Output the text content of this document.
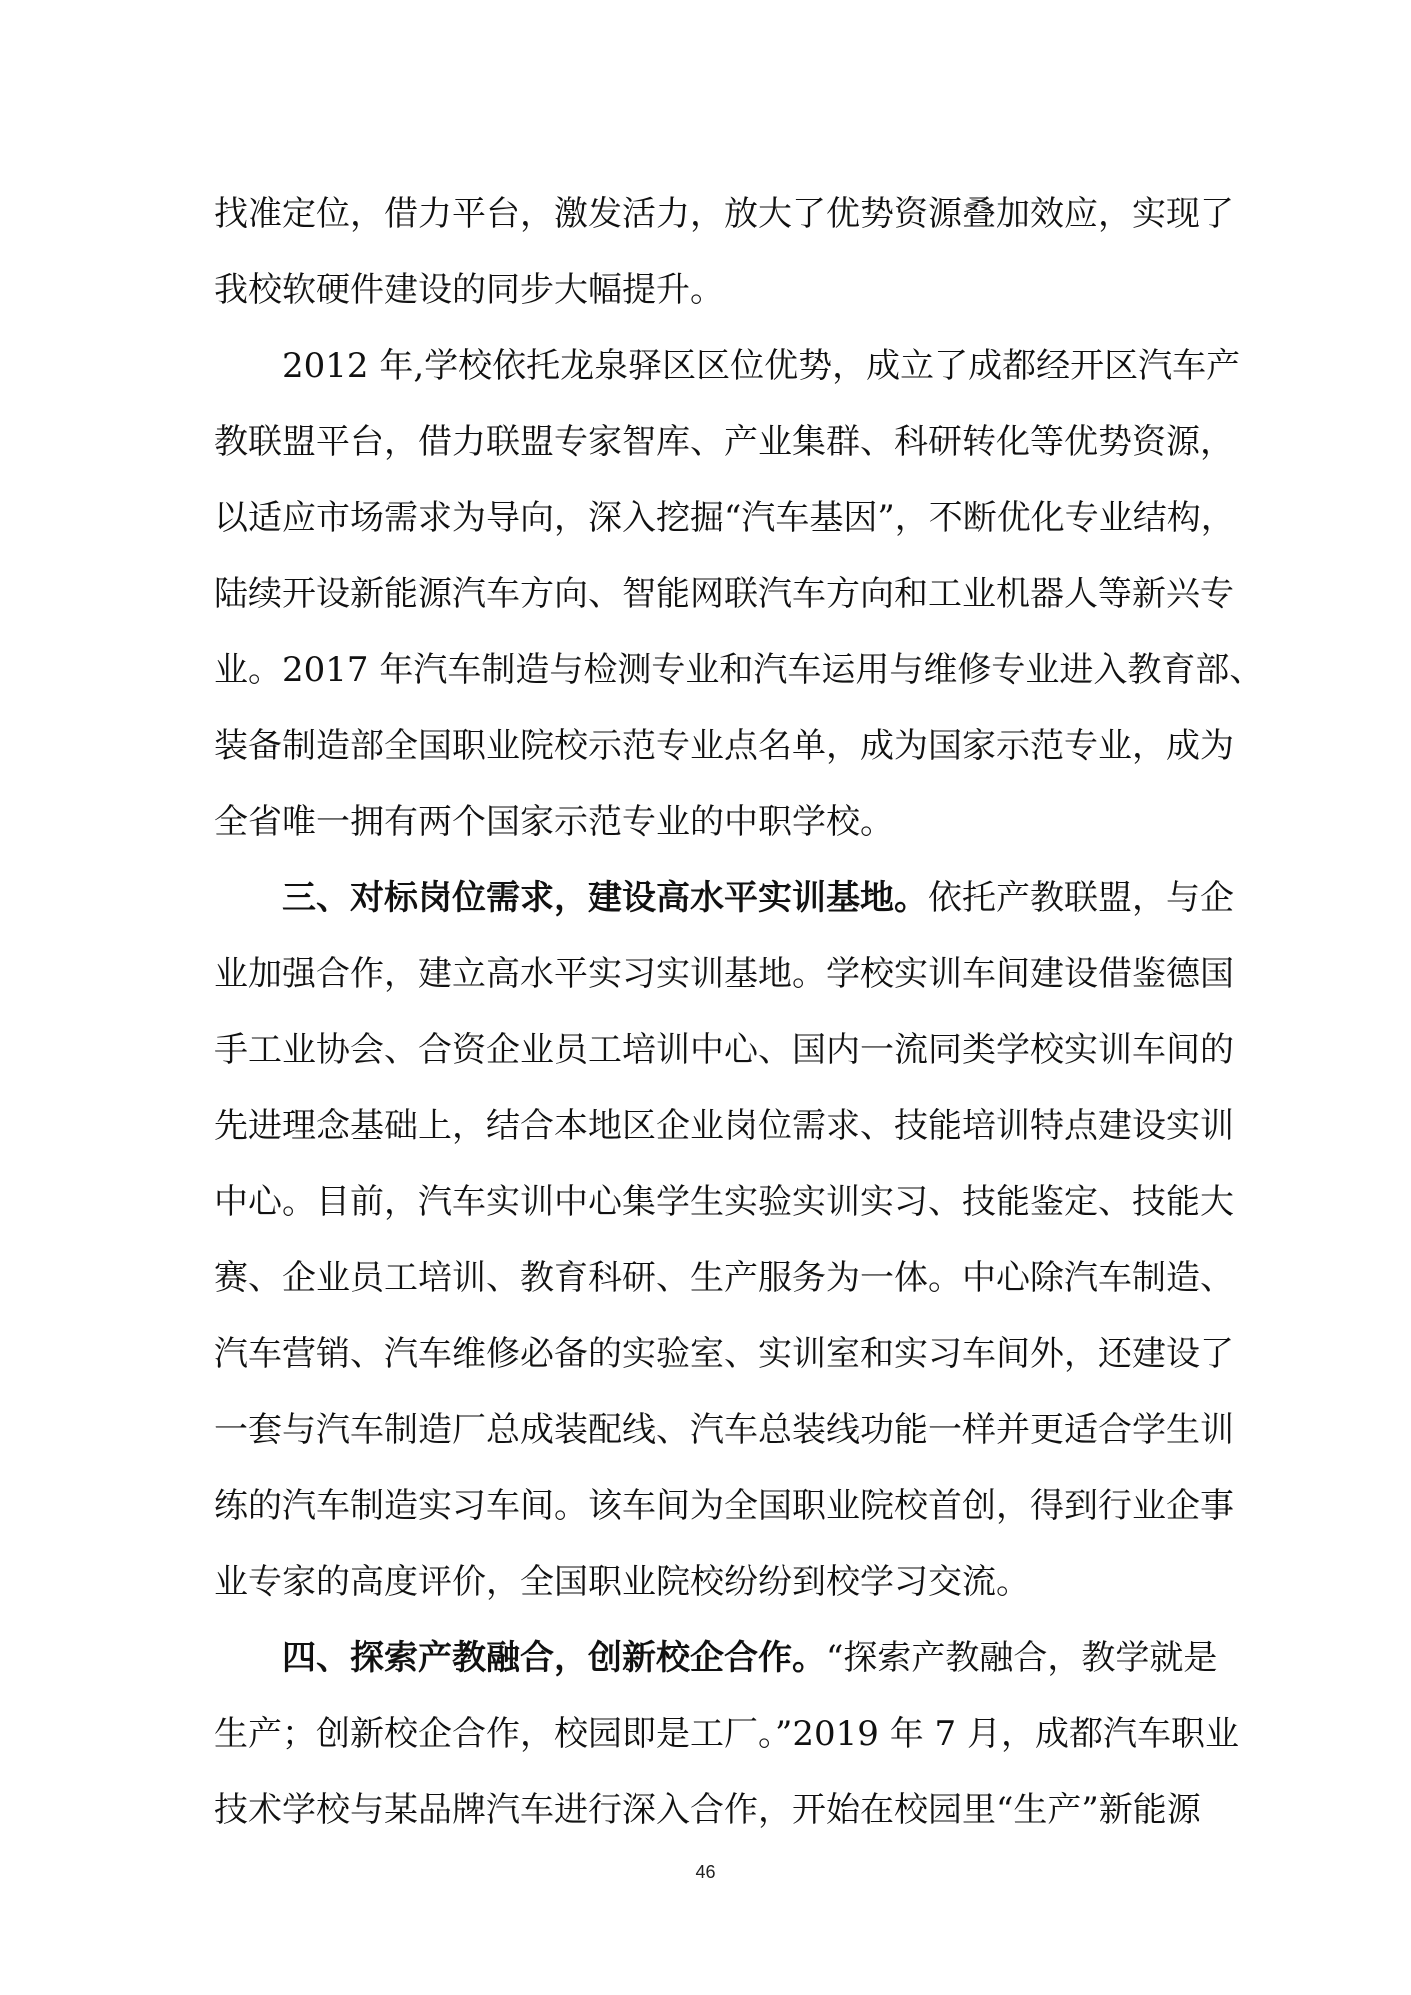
找准定位，借力平台，激发活力，放大了优势资源叠加效应，实现了
我校软硬件建设的同步大幅提升。
2012 年,学校依托龙泉驿区区位优势，成立了成都经开区汽车产
教联盟平台，借力联盟专家智库、产业集群、科研转化等优势资源，
以适应市场需求为导向，深入挖掘“汽车基因”，不断优化专业结构，
陆续开设新能源汽车方向、智能网联汽车方向和工业机器人等新兴专
业。2017 年汽车制造与检测专业和汽车运用与维修专业进入教育部、
装备制造部全国职业院校示范专业点名单，成为国家示范专业，成为
全省唯一拥有两个国家示范专业的中职学校。
三、对标岗位需求，建设高水平实训基地。依托产教联盟，与企
业加强合作，建立高水平实习实训基地。学校实训车间建设借鉴德国
手工业协会、合资企业员工培训中心、国内一流同类学校实训车间的
先进理念基础上，结合本地区企业岗位需求、技能培训特点建设实训
中心。目前，汽车实训中心集学生实验实训实习、技能鉴定、技能大
赛、企业员工培训、教育科研、生产服务为一体。中心除汽车制造、
汽车营销、汽车维修必备的实验室、实训室和实习车间外，还建设了
一套与汽车制造厂总成装配线、汽车总装线功能一样并更适合学生训
练的汽车制造实习车间。该车间为全国职业院校首创，得到行业企事
业专家的高度评价，全国职业院校纷纷到校学习交流。
四、探索产教融合，创新校企合作。“探索产教融合，教学就是
生产；创新校企合作，校园即是工厂。”2019 年 7 月，成都汽车职业
技术学校与某品牌汽车进行深入合作，开始在校园里“生产”新能源
46
